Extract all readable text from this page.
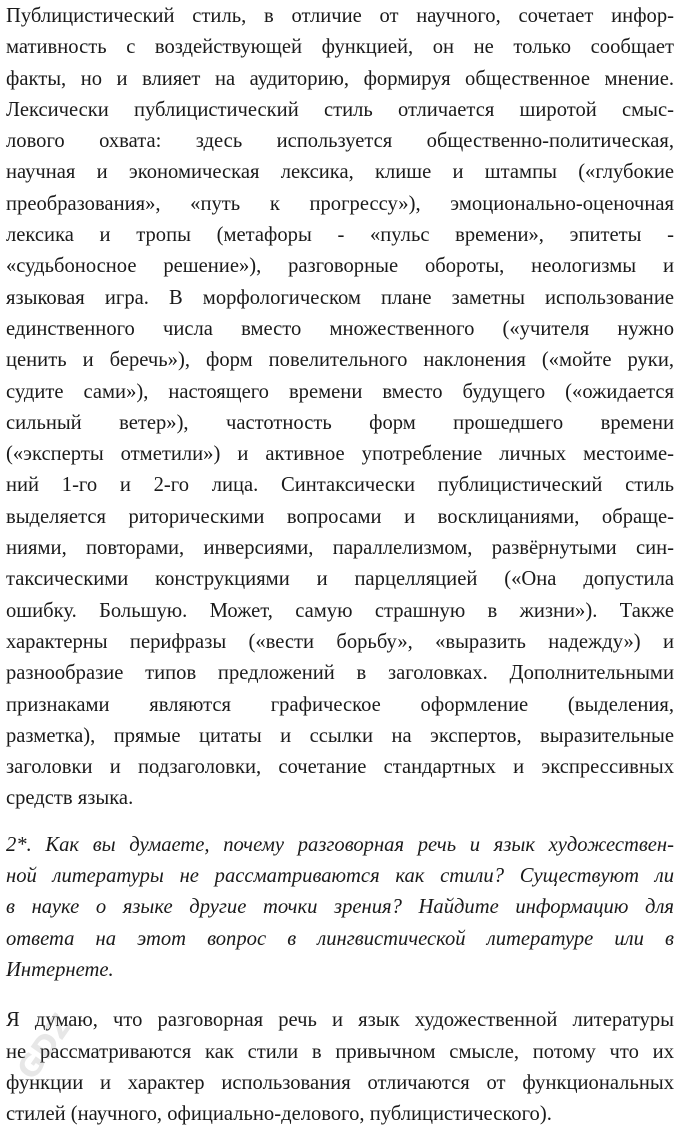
Публицистический стиль, в отличие от научного, сочетает инфор-
мативность с воздействующей функцией, он не только сообщает
факты, но и влияет на аудиторию, формируя общественное мнение.
Лексически публицистический стиль отличается широтой смыс-
лового охвата: здесь используется общественно-политическая,
научная и экономическая лексика, клише и штампы («глубокие
преобразования», «путь к прогрессу»), эмоционально-оценочная
лексика и тропы (метафоры - «пульс времени», эпитеты -
«судьбоносное решение»), разговорные обороты, неологизмы и
языковая игра. В морфологическом плане заметны использование
единственного числа вместо множественного («учителя нужно
ценить и беречь»), форм повелительного наклонения («мойте руки,
судите сами»), настоящего времени вместо будущего («ожидается
сильный ветер»), частотность форм прошедшего времени
(«эксперты отметили») и активное употребление личных местоиме-
ний 1-го и 2-го лица. Синтаксически публицистический стиль
выделяется риторическими вопросами и восклицаниями, обраще-
ниями, повторами, инверсиями, параллелизмом, развёрнутыми син-
таксическими конструкциями и парцелляцией («Она допустила
ошибку. Большую. Может, самую страшную в жизни»). Также
характерны перифразы («вести борьбу», «выразить надежду») и
разнообразие типов предложений в заголовках. Дополнительными
признаками являются графическое оформление (выделения,
разметка), прямые цитаты и ссылки на экспертов, выразительные
заголовки и подзаголовки, сочетание стандартных и экспрессивных
средств языка.
2*. Как вы думаете, почему разговорная речь и язык художествен-
ной литературы не рассматриваются как стили? Существуют ли
в науке о языке другие точки зрения? Найдите информацию для
ответа на этот вопрос в лингвистической литературе или в
Интернете.
Я думаю, что разговорная речь и язык художественной литературы
не рассматриваются как стили в привычном смысле, потому что их
функции и характер использования отличаются от функциональных
стилей (научного, официально-делового, публицистического).
GDZ
